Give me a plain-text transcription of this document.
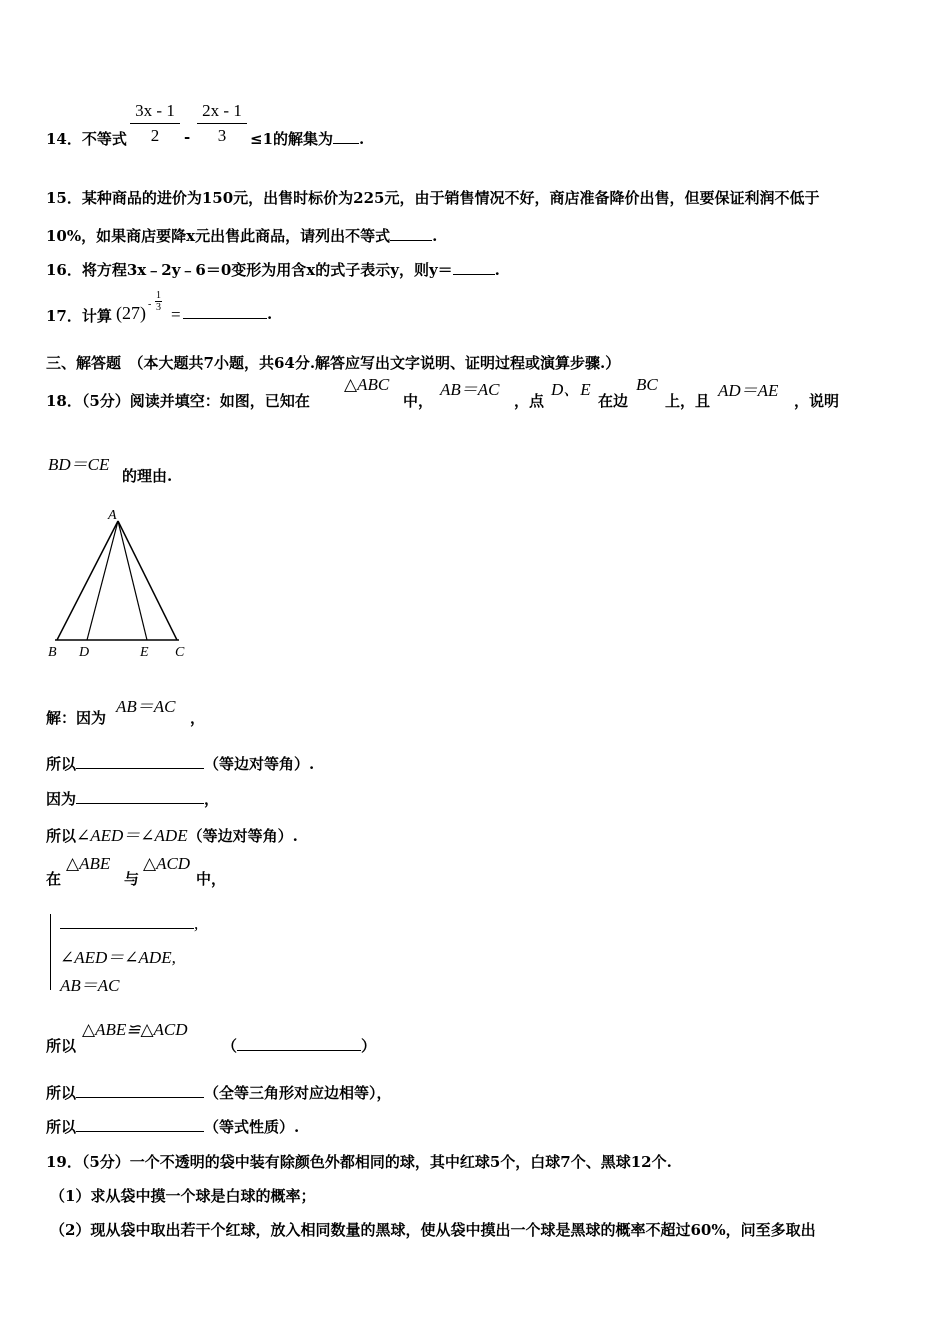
14．不等式 $\frac{3x - 1}{2} - \frac{2x - 1}{3} \le 1$的解集为 .
15．某种商品的进价为150元，出售时标价为225元，由于销售情况不好，商店准备降价出售，但要保证利润不低于
10%，如果商店要降x元出售此商品，请列出不等式	.
16．将方程3x﹣2y﹣6＝0变形为用含x的式子表示y，则y＝	.
17．计算 (27) -
1
3 =	.
三、解答题　（本大题共7小题，共64分.解答应写出文字说明、证明过程或演算步骤.）
18．（5分）阅读并填空：如图，已知在
△ABC
中，
AB＝AC
，点
D、E
在边
BC
上，且
AD＝AE
，说明
BD＝CE
的理由.
A
B D	E C
解：因为
AB＝AC
，
所以	（等边对等角）.
因为	，
所以∠AED＝∠ADE（等边对等角）.
在
△ABE
与
△ACD
中，
,
∠AED＝∠ADE,
AB＝AC
所以
△ABE≌△ACD
（	）
所以	（全等三角形对应边相等），
所以	（等式性质）.
19．（5分）一个不透明的袋中装有除颜色外都相同的球，其中红球5个，白球7个、黑球12个.
（1）求从袋中摸一个球是白球的概率；
（2）现从袋中取出若干个红球，放入相同数量的黑球，使从袋中摸出一个球是黑球的概率不超过60%，问至多取出
